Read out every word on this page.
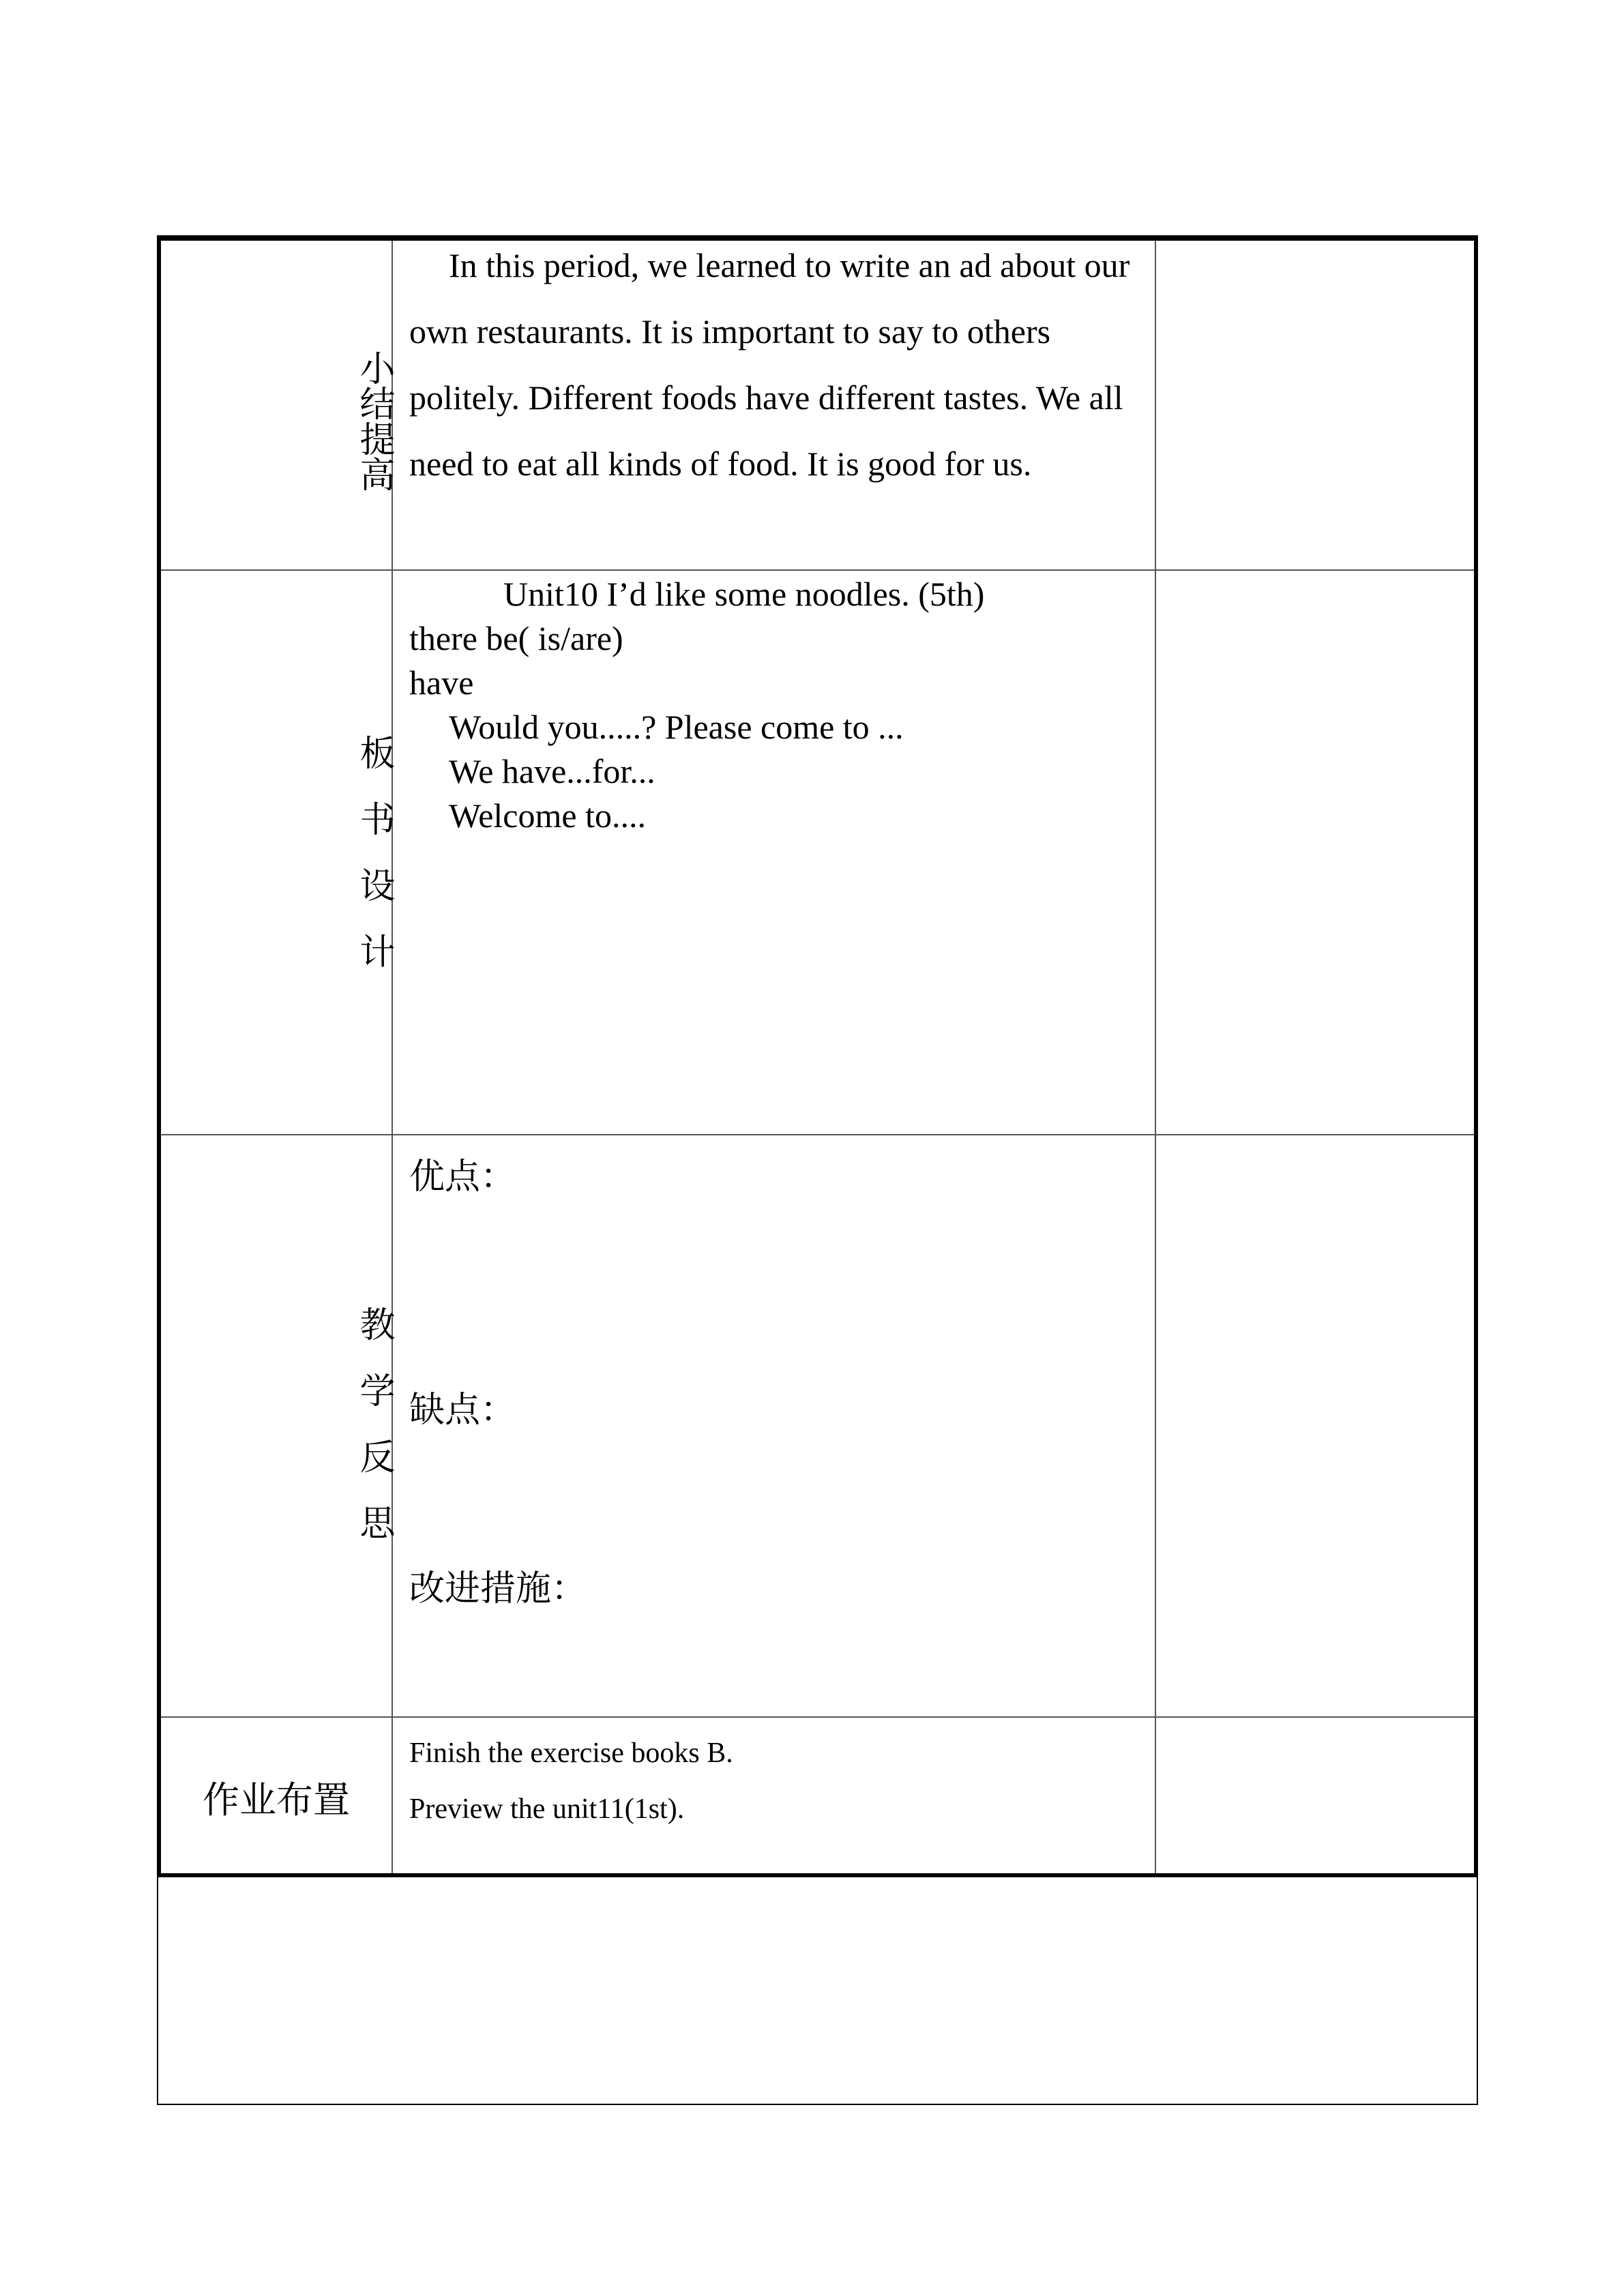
小结提高
In this period, we learned to write an ad about our own restaurants. It is important to say to others politely. Different foods have different tastes. We all need to eat all kinds of food. It is good for us.
板书设计
Unit10 I’d like some noodles. (5th)
there be( is/are)
have
Would you.....? Please come to ...
We have...for...
Welcome to....
教学反思
优点：
缺点：
改进措施：
作业布置
Finish the exercise books B.
Preview the unit11(1st).
